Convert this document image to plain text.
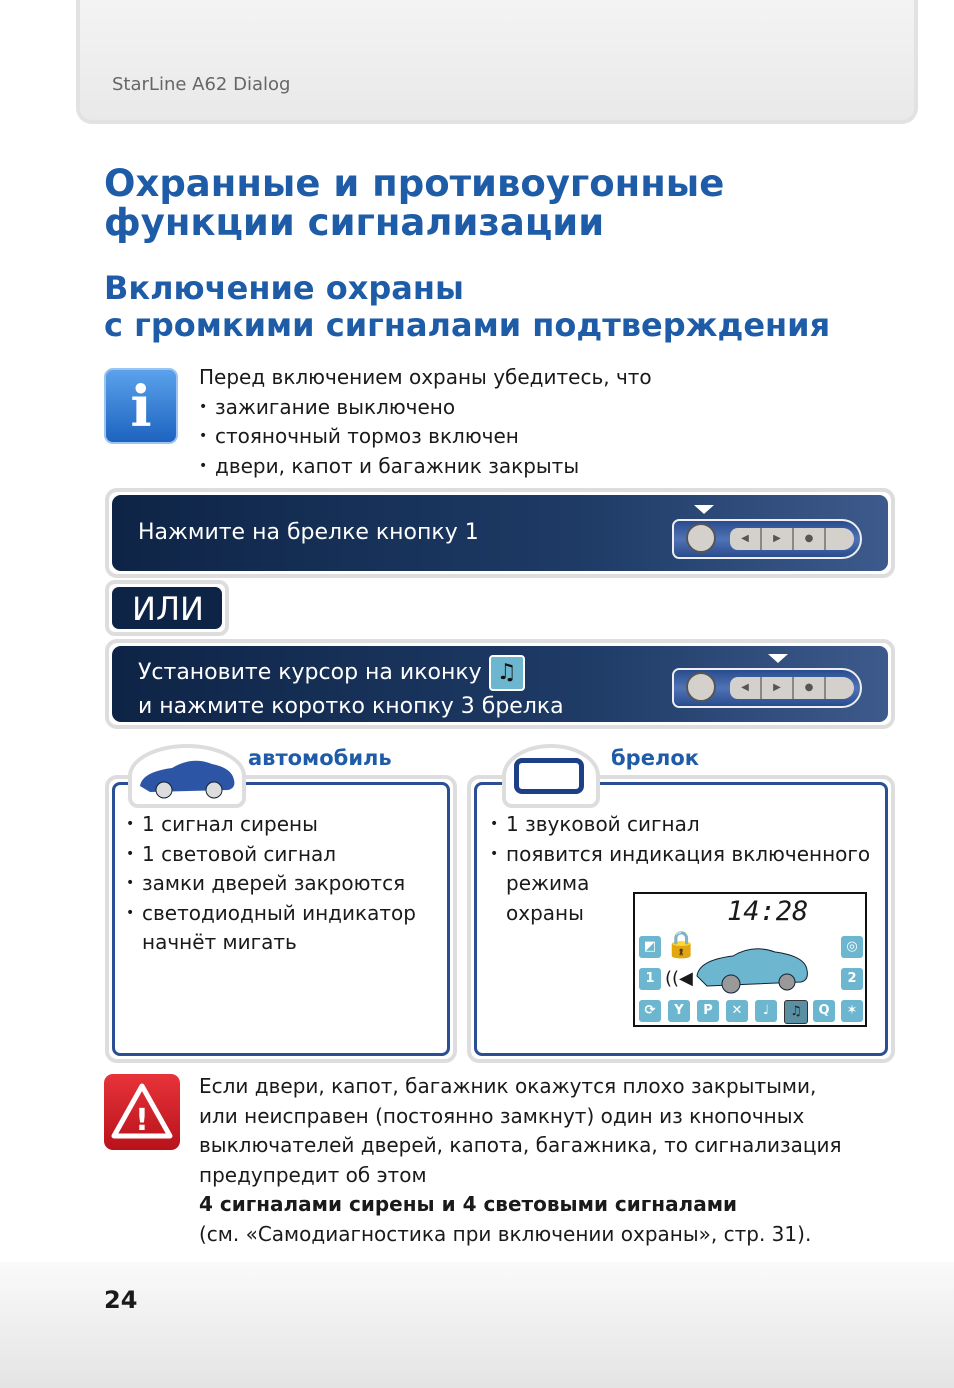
StarLine A62 Dialog
Охранные и противоугонные
функции сигнализации
Включение охраны
с громкими сигналами подтверждения
i	Перед включением охраны убедитесь, что
• зажигание выключено
• стояночный тормоз включен
• двери, капот и багажник закрыты
Нажмите на брелке кнопку 1	◀	▶	●
ИЛИ
Установите курсор на иконку ♫
и нажмите коротко кнопку 3 брелка
◀	▶	●
автомобиль
• 1 сигнал сирены
• 1 световой сигнал
• замки дверей закроются
• светодиодный индикатор начнёт мигать
брелок
• 1 звуковой сигнал
• появится индикация включенного режима охраны	14:28
◩ 🔒
1 ((◀
◎
2
⟳	Y	P	✕	♩	♫	Q	✶
!
Если двери, капот, багажник окажутся плохо закрытыми,
или неисправен (постоянно замкнут) один из кнопочных
выключателей дверей, капота, багажника, то сигнализация
предупредит об этом
4 сигналами сирены и 4 световыми сигналами
(см. «Самодиагностика при включении охраны», стр. 31).
24
